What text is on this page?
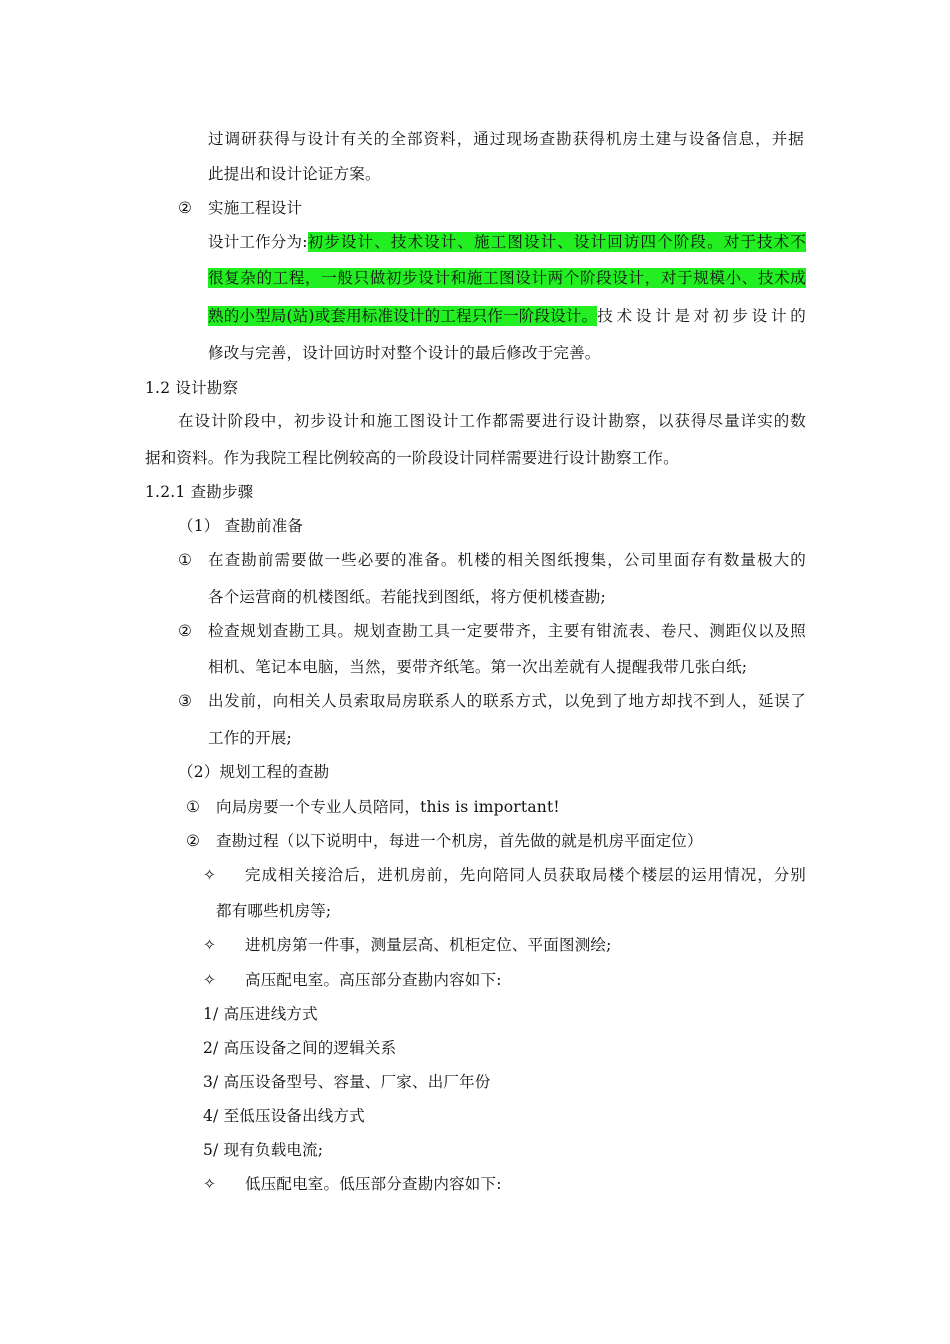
过调研获得与设计有关的全部资料，通过现场查勘获得机房土建与设备信息，并据
此提出和设计论证方案。
② 实施工程设计
设计工作分为: 初步设计、技术设计、施工图设计、设计回访四个阶段。对于技术不
很复杂的工程，一般只做初步设计和施工图设计两个阶段设计，对于规模小、技术成
熟的小型局(站)或套用标准设计的工程只作一阶段设计。 技术设计是对初步设计的
修改与完善，设计回访时对整个设计的最后修改于完善。
1.2 设计勘察
在设计阶段中，初步设计和施工图设计工作都需要进行设计勘察，以获得尽量详实的数
据和资料。作为我院工程比例较高的一阶段设计同样需要进行设计勘察工作。
1.2.1 查勘步骤
（1） 查勘前准备
① 在查勘前需要做一些必要的准备。机楼的相关图纸搜集，公司里面存有数量极大的
各个运营商的机楼图纸。若能找到图纸，将方便机楼查勘;
② 检查规划查勘工具。规划查勘工具一定要带齐，主要有钳流表、卷尺、测距仪以及照
相机、笔记本电脑，当然，要带齐纸笔。第一次出差就有人提醒我带几张白纸;
③ 出发前，向相关人员索取局房联系人的联系方式，以免到了地方却找不到人，延误了
工作的开展;
（2）规划工程的查勘
① 向局房要一个专业人员陪同，this is important!
② 查勘过程（以下说明中，每进一个机房，首先做的就是机房平面定位）
✧ 完成相关接洽后，进机房前，先向陪同人员获取局楼个楼层的运用情况，分别
都有哪些机房等;
✧ 进机房第一件事，测量层高、机柜定位、平面图测绘;
✧ 高压配电室。高压部分查勘内容如下:
1/ 高压进线方式
2/ 高压设备之间的逻辑关系
3/ 高压设备型号、容量、厂家、出厂年份
4/ 至低压设备出线方式
5/ 现有负载电流;
✧ 低压配电室。低压部分查勘内容如下:
